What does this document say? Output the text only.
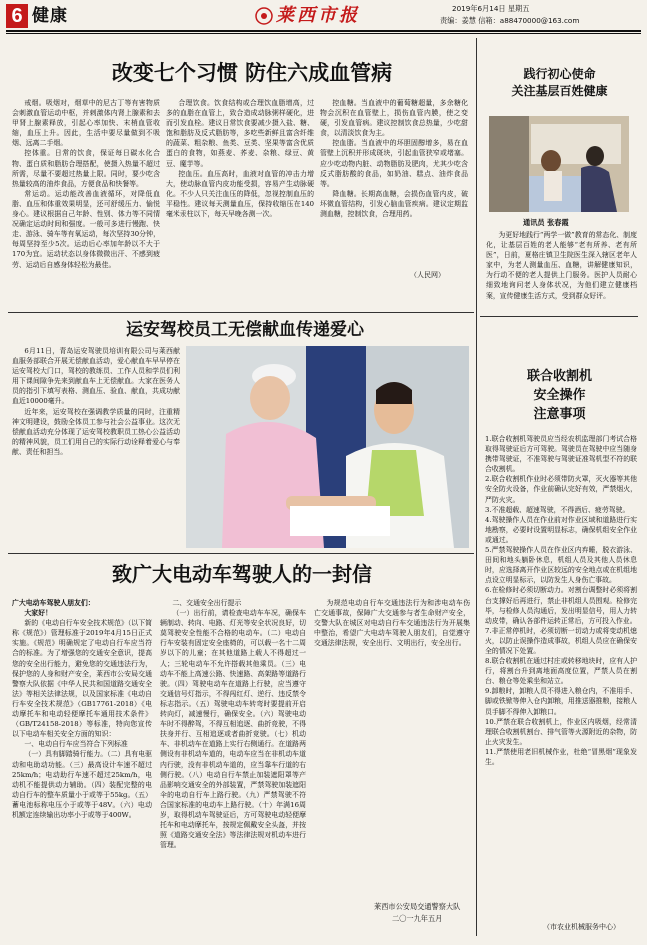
6 健康	莱西市报	2019年6月14日 星期五
责编：姜慧 信箱：a88470000@163.com
改变七个习惯 防住六成血管病

戒烟。吸烟对，烟草中的尼古丁等有害物质会刺激血管运动中枢，并刺激体内肾上腺素和去甲肾上腺素释放，引起心率加快、末梢血管收缩，血压上升。因此，生活中要尽量做到不吸烟、远离二手烟。

控体重。日常的饮食，保证每日碳水化合物、蛋白质和脂肪合理搭配，使摄入热量不超过所需，尽量不要超过热量上限。同时，要少吃含热量较高的油炸食品，方便食品和快餐等。

常运动。运动能改善血液循环，对降低血脂、血压和体重效果明显，还可舒缓压力、愉悦身心。建议根据自己年龄、性别、体力等不同情况确定运动时间和强度。一般可多进行慢跑、快走、游泳、骑车等有氧运动，每次坚持30分钟，每周坚持至少5次。运动后心率加年龄以不大于170为宜。运动状态以身体微微出汗、不感到疲劳、运动后自感身体轻松为最佳。

合理饮食。饮食结构或合理饮血脂增高，过多的血脂在血管上，致合造成动脉粥样硬化，进而引发血栓。建议日常饮食要减少摄入盐、糖、饱和脂肪及反式脂肪等，多吃些新鲜且富含纤维的蔬菜、粗杂粮、鱼类、豆类、坚果等富含优质蛋白的食物，如燕麦、荞麦、杂粮、绿豆、黄豆、魔芋等。

控血压。血压高时，血液对血管的冲击力增大，使动脉血管内皮功能受损，容易产生动脉硬化。不少人只关注血压的降低，忽视控制血压的平稳性。建议每天测量血压，保持收缩压在140毫米汞柱以下，每天早晚各测一次。

控血糖。当血液中的葡萄糖超量，多余糖化物会沉积在血管壁上，损伤血管内膜，使之变硬，引发血管病。建议控制饮食总热量，少吃甜食，以清淡饮食为主。

控血脂。当血液中的坏胆固醇增多，易在血管壁上沉积并形成斑块，引起血管狭窄或堵塞。应少吃动物内脏、动物脂肪及肥肉，尤其少吃含反式脂肪酸的食品，如奶油、糕点、油炸食品等。

降血糖。长期高血糖，会损伤血管内皮，破坏微血管结构，引发心脑血管疾病。建议定期监测血糖，控制饮食，合理用药。

（人民网）
践行初心使命
关注基层百姓健康
通讯员 张春霞

为更好地践行“两学一做”教育的常态化、制度化，让基层百姓的老人能够“老有所养、老有所医”，日前，夏格庄镇卫生院医生深入辖区老年人家中，为老人测量血压、血糖，讲解健康知识，为行动不便的老人提供上门服务。医护人员耐心细致地询问老人身体状况，为他们建立健康档案，宣传健康生活方式，受到群众好评。

运安驾校员工无偿献血传递爱心

6月11日，青岛运安驾驶员培训有限公司与莱西献血服务部联合开展无偿献血活动，爱心献血车早早停在运安驾校大门口，驾校的教练员、工作人员和学员们利用下课间隙争先来到献血车上无偿献血。大家在医务人员的指引下填写表格、测血压、验血、献血，共成功献血近10000毫升。

近年来，运安驾校在强调教学质量的同时，注重精神文明建设，鼓励全体员工参与社会公益事业。这次无偿献血活动充分体现了运安驾校教职员工热心公益活动的精神风貌，员工们用自己的实际行动诠释着爱心与奉献、责任和担当。

致广大电动车驾驶人的一封信

广大电动车驾驶人朋友们：

大家好！

新的《电动自行车安全技术规范》（以下简称《规范》）管理标准于2019年4月15日正式实施。《规范》明确规定了电动自行车应当符合的标准。为了增强您的交通安全意识，提高您的安全出行能力，避免您的交通违法行为，保护您的人身和财产安全，莱西市公安局交通警察大队依据《中华人民共和国道路交通安全法》等相关法律法规，以及国家标准《电动自行车安全技术规范》（GB17761-2018）《电动摩托车和电动轻便摩托车通用技术条件》（GB/T24158-2018）等标准，特向您宣传以下电动车相关安全方面的知识：

一、电动自行车应当符合下列标准

（一）具有脚踏骑行能力。（二）具有电驱动和电助动功能。（三）最高设计车速不超过25km/h；电动助行车速不超过25km/h，电动机不能提供动力辅助。（四）装配完整的电动自行车的整车质量小于或等于55kg。（五）蓄电池标称电压小于或等于48V。（六）电动机额定连续输出功率小于或等于400W。

二、交通安全出行提示

（一）出行前，请检查电动车车况，确保车辆制动、转向、电路、灯光等安全状况良好，切莫驾驶安全性能不合格的电动车。（二）电动自行车安装有固定安全座椅的，可以载一名十二周岁以下的儿童；在其他道路上载人不得超过一人；三轮电动车不允许搭载其他乘员。（三）电动车不能上高速公路、快速路、高架路等道路行驶。（四）驾驶电动车在道路上行驶，应当遵守交通信号灯指示，不得闯红灯、逆行、违反禁令标志指示。（五）驾驶电动车转弯时要提前开启转向灯，减速慢行，确保安全。（六）驾驶电动车时不得醉驾，不得互相追逐、曲折竞驶，不得扶身并行、互相追逐或者曲折竞驶。（七）机动车、非机动车在道路上实行右侧通行。在道路两侧设有非机动车道的，电动车应当在非机动车道内行驶，没有非机动车道的，应当靠车行道的右侧行驶。（八）电动自行车禁止加装遮阳罩等产品影响交通安全的外部装置，严禁驾驶加装遮阳伞的电动自行车上路行驶。（九）严禁驾驶不符合国家标准的电动车上路行驶。（十）年满16周岁，取得机动车驾驶证后，方可驾驶电动轻便摩托车和电动摩托车，按规定佩戴安全头盔，并按照《道路交通安全法》等法律法规对机动车进行管理。

为规范电动自行车交通违法行为和涉电动车伤亡交通事故，保障广大交通参与者生命财产安全，交警大队在城区对电动自行车交通违法行为开展集中整治，希望广大电动车驾驶人朋友们，自觉遵守交通法律法规，安全出行、文明出行，安全出行。

莱西市公安局交通警察大队
二〇一九年五月
联合收割机
安全操作
注意事项

1.联合收割机驾驶员应当经农机监理部门考试合格取得驾驶证后方可驾驶。驾驶员在驾驶中应当随身携带驾驶证，不准驾驶与驾驶证准驾机型不符的联合收割机。

2.联合收割机作业时必须带防火罩，灭火器等其他安全防火设备，作业前确认完好有效，严禁烟火，严防火灾。

3.不准超载、超速驾驶，不得酒后、疲劳驾驶。

4.驾驶操作人员在作业前对作业区域和道路进行实地勘察，必要时设置明显标志，确保机组安全作业或通过。

5.严禁驾驶操作人员在作业区内弃睡，脱衣游泳、田间和地头躺卧休息，机组人员及其他人员休息时，应选择离开作业区较远的安全地点或在机组地点设立明显标示，以防发生人身伤亡事故。

6.在检修时必须切断动力。对割台调整时必须将割台支撑好后再进行，禁止非机组人员围观。检修完毕，与检修人员沟通后，发出明显信号，用人力转动皮带，确认各部件运转正常后，方可投入作业。

7.非正常停机时，必须切断一切动力或将变动机熄火，以防止误操作造成事故，机组人员应在确保安全的情况下处置。

8.联合收割机在通过村庄或转移地块时，应有人护行，将割台升到离地面高度位置，严禁人员在割台、粮仓等处乘坐和站立。

9.卸粮时，卸粮人员不得进入粮仓内，不准用手、脚或铁锨等伸入仓内卸粮，用推送器推粮，接粮人员手脚不得伸入卸粮口。

10.严禁在联合收割机上，作业区内吸烟，经常清理联合收割机割台、排气管等火源附近的杂物，防止火灾发生。

11.严禁使用老旧机械作业，杜绝“冒黑烟”现象发生。

（市农业机械服务中心）
